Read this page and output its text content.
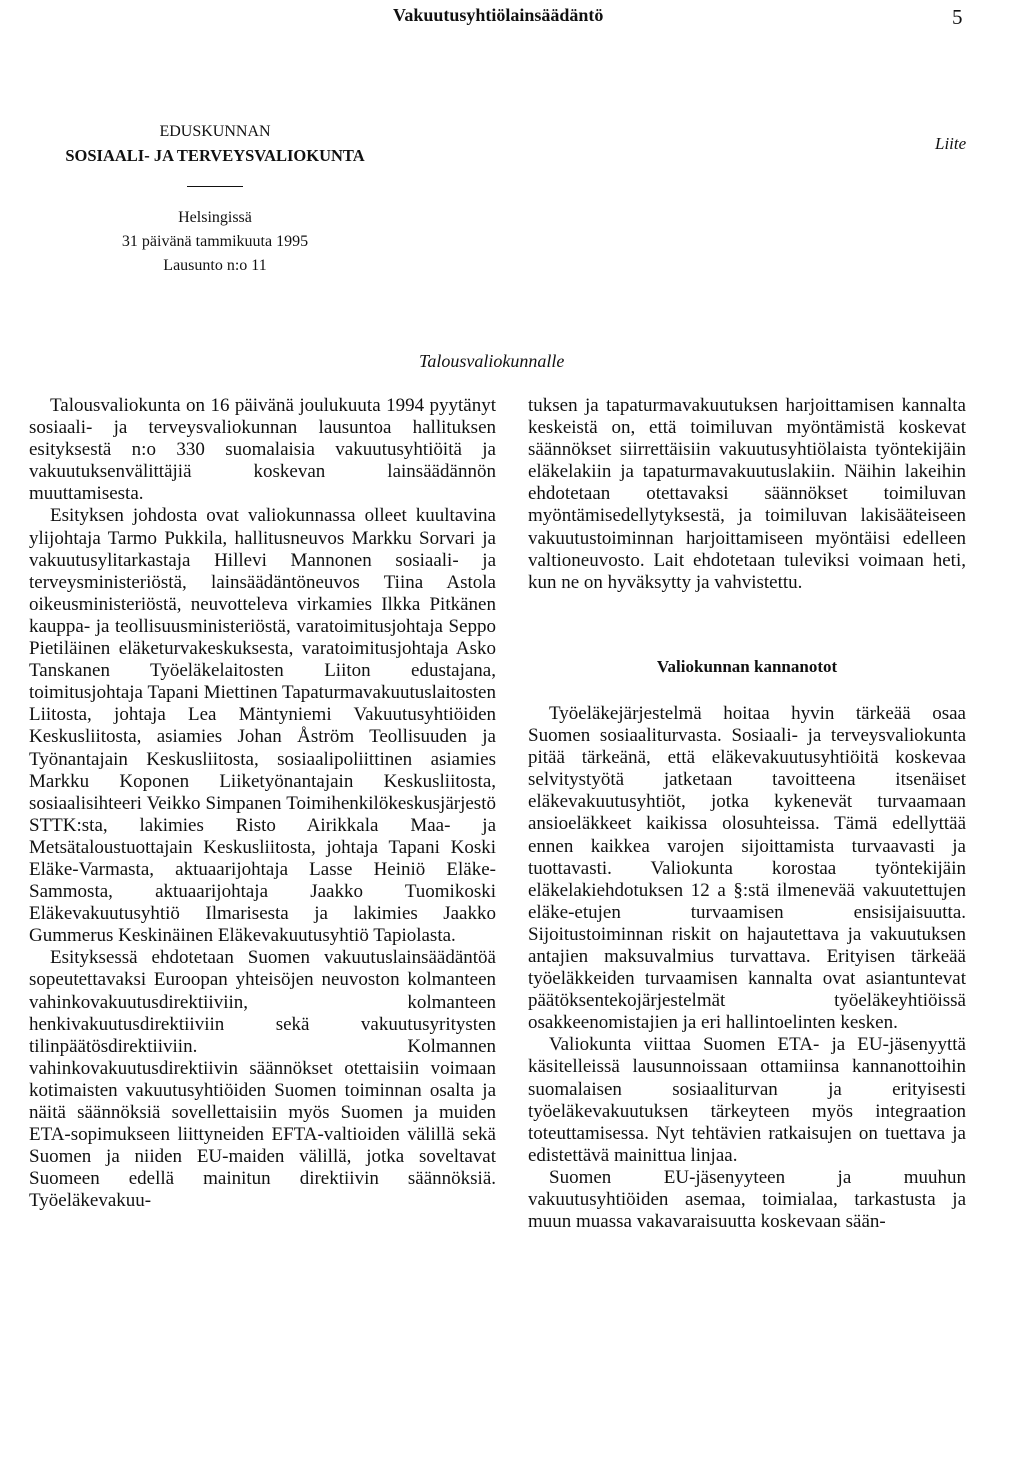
Vakuutusyhtiölainsäädäntö	5
EDUSKUNNAN
SOSIAALI- JA TERVEYSVALIOKUNTA
Helsingissä
31 päivänä tammikuuta 1995
Lausunto n:o 11
Liite
Talousvaliokunnalle

Talousvaliokunta on 16 päivänä joulukuuta 1994 pyytänyt sosiaali- ja terveysvaliokunnan lausuntoa hallituksen esityksestä n:o 330 suomalaisia vakuutusyhtiöitä ja vakuutuksenvälittäjiä koskevan lainsäädännön muuttamisesta.

Esityksen johdosta ovat valiokunnassa olleet kuultavina ylijohtaja Tarmo Pukkila, hallitusneuvos Markku Sorvari ja vakuutusylitarkastaja Hillevi Mannonen sosiaali- ja terveysministeriöstä, lainsäädäntöneuvos Tiina Astola oikeusministeriöstä, neuvotteleva virkamies Ilkka Pitkänen kauppa- ja teollisuusministeriöstä, varatoimitusjohtaja Seppo Pietiläinen eläketurvakeskuksesta, varatoimitusjohtaja Asko Tanskanen Työeläkelaitosten Liiton edustajana, toimitusjohtaja Tapani Miettinen Tapaturmavakuutuslaitosten Liitosta, johtaja Lea Mäntyniemi Vakuutusyhtiöiden Keskusliitosta, asiamies Johan Åström Teollisuuden ja Työnantajain Keskusliitosta, sosiaalipoliittinen asiamies Markku Koponen Liiketyönantajain Keskusliitosta, sosiaalisihteeri Veikko Simpanen Toimihenkilökeskusjärjestö STTK:sta, lakimies Risto Airikkala Maa- ja Metsätaloustuottajain Keskusliitosta, johtaja Tapani Koski Eläke-Varmasta, aktuaarijohtaja Lasse Heiniö Eläke-Sammosta, aktuaarijohtaja Jaakko Tuomikoski Eläkevakuutusyhtiö Ilmarisesta ja lakimies Jaakko Gummerus Keskinäinen Eläkevakuutusyhtiö Tapiolasta.

Esityksessä ehdotetaan Suomen vakuutuslainsäädäntöä sopeutettavaksi Euroopan yhteisöjen neuvoston kolmanteen vahinkovakuutusdirektiiviin, kolmanteen henkivakuutusdirektiiviin sekä vakuutusyritysten tilinpäätösdirektiiviin. Kolmannen vahinkovakuutusdirektiivin säännökset otettaisiin voimaan kotimaisten vakuutusyhtiöiden Suomen toiminnan osalta ja näitä säännöksiä sovellettaisiin myös Suomen ja muiden ETA-sopimukseen liittyneiden EFTA-valtioiden välillä sekä Suomen ja niiden EU-maiden välillä, jotka soveltavat Suomeen edellä mainitun direktiivin säännöksiä. Työeläkevakuu-

tuksen ja tapaturmavakuutuksen harjoittamisen kannalta keskeistä on, että toimiluvan myöntämistä koskevat säännökset siirrettäisiin vakuutusyhtiölaista työntekijäin eläkelakiin ja tapaturmavakuutuslakiin. Näihin lakeihin ehdotetaan otettavaksi säännökset toimiluvan myöntämisedellytyksestä, ja toimiluvan lakisääteiseen vakuutustoiminnan harjoittamiseen myöntäisi edelleen valtioneuvosto. Lait ehdotetaan tuleviksi voimaan heti, kun ne on hyväksytty ja vahvistettu.

Valiokunnan kannanotot

Työeläkejärjestelmä hoitaa hyvin tärkeää osaa Suomen sosiaaliturvasta. Sosiaali- ja terveysvaliokunta pitää tärkeänä, että eläkevakuutusyhtiöitä koskevaa selvitystyötä jatketaan tavoitteena itsenäiset eläkevakuutusyhtiöt, jotka kykenevät turvaamaan ansioeläkkeet kaikissa olosuhteissa. Tämä edellyttää ennen kaikkea varojen sijoittamista turvaavasti ja tuottavasti. Valiokunta korostaa työntekijäin eläkelakiehdotuksen 12 a §:stä ilmenevää vakuutettujen eläke-etujen turvaamisen ensisijaisuutta. Sijoitustoiminnan riskit on hajautettava ja vakuutuksen antajien maksuvalmius turvattava. Erityisen tärkeää työeläkkeiden turvaamisen kannalta ovat asiantuntevat päätöksentekojärjestelmät työeläkeyhtiöissä osakkeenomistajien ja eri hallintoelinten kesken.

Valiokunta viittaa Suomen ETA- ja EU-jäsenyyttä käsitelleissä lausunnoissaan ottamiinsa kannanottoihin suomalaisen sosiaaliturvan ja erityisesti työeläkevakuutuksen tärkeyteen myös integraation toteuttamisessa. Nyt tehtävien ratkaisujen on tuettava ja edistettävä mainittua linjaa.

Suomen EU-jäsenyyteen ja muuhun vakuutusyhtiöiden asemaa, toimialaa, tarkastusta ja muun muassa vakavaraisuutta koskevaan sään-
